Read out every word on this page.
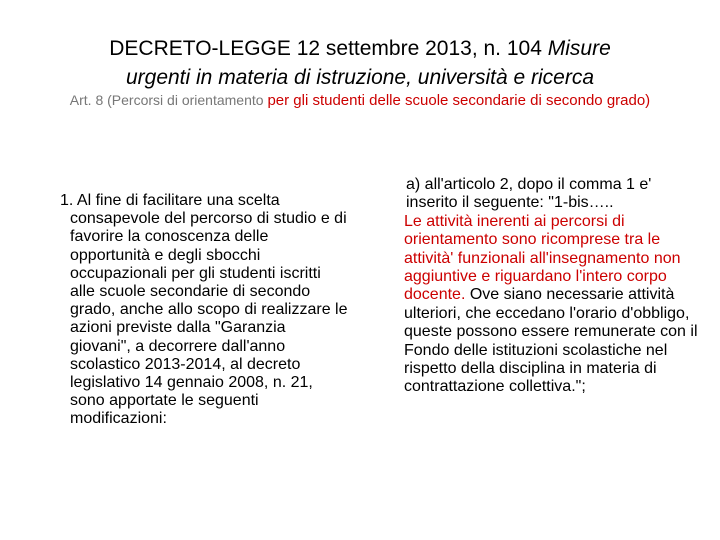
DECRETO-LEGGE 12 settembre 2013, n. 104 Misure
urgenti in materia di istruzione, università e ricerca
Art. 8 (Percorsi di orientamento per gli studenti delle scuole secondarie di secondo grado)

1. Al fine di facilitare una scelta consapevole del percorso di studio e di favorire la conoscenza delle opportunità e degli sbocchi occupazionali per gli studenti iscritti alle scuole secondarie di secondo grado, anche allo scopo di realizzare le azioni previste dalla "Garanzia giovani", a decorrere dall'anno scolastico 2013-2014, al decreto legislativo 14 gennaio 2008, n. 21, sono apportate le seguenti modificazioni:

a) all'articolo 2, dopo il comma 1 e' inserito il seguente: "1-bis…..

Le attività inerenti ai percorsi di orientamento sono ricomprese tra le attività' funzionali all'insegnamento non aggiuntive e riguardano l'intero corpo docente. Ove siano necessarie attività ulteriori, che eccedano l'orario d'obbligo, queste possono essere remunerate con il Fondo delle istituzioni scolastiche nel rispetto della disciplina in materia di contrattazione collettiva.";
